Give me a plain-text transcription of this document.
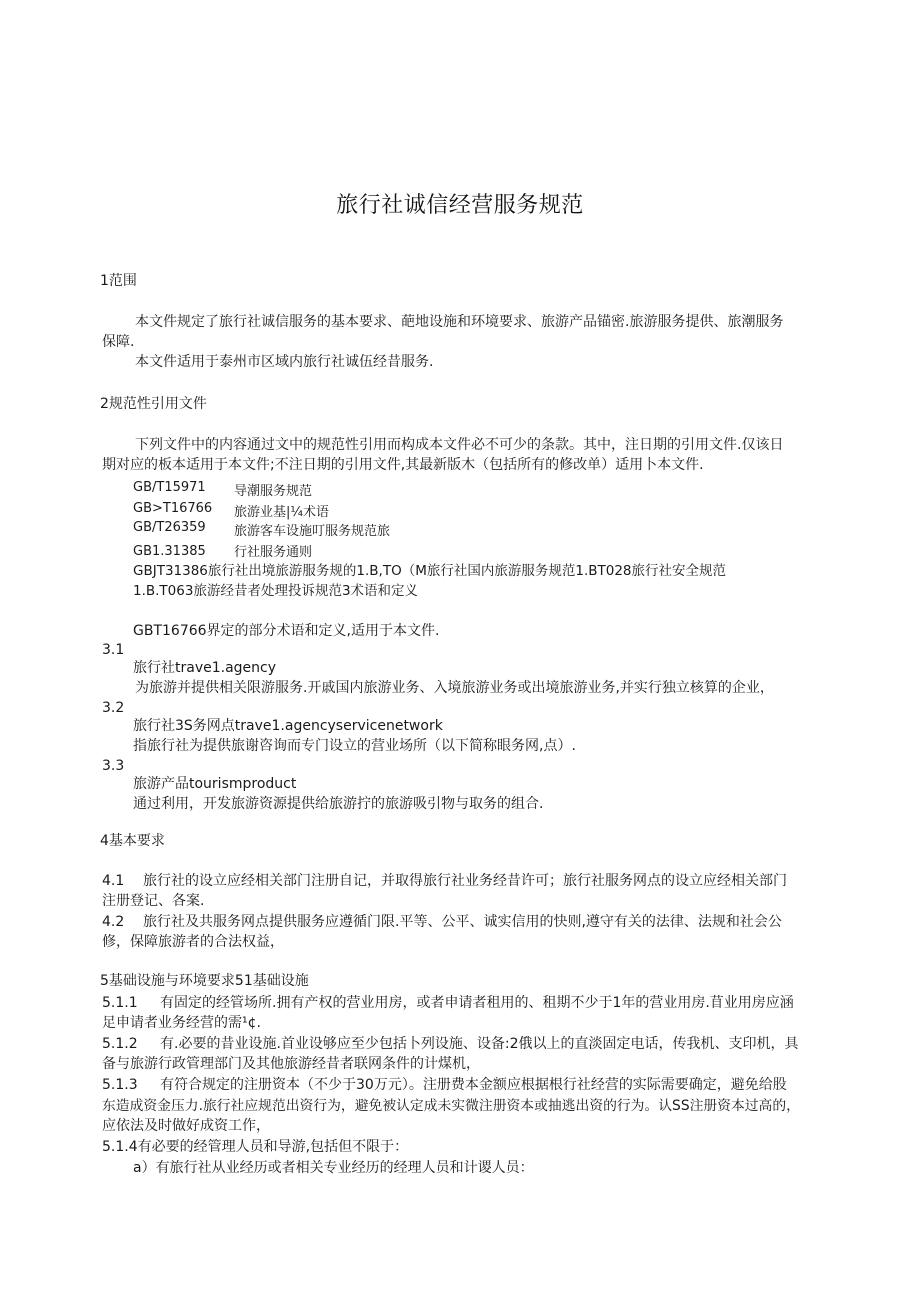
旅行社诚信经营服务规范
1范围
本文件规定了旅行社诚信服务的基本要求、葩地设施和环境要求、旅游产品锚密.旅游服务提供、旅潮服务
保障.
本文件适用于泰州市区域内旅行社诚伍经昔服务.
2规范性引用文件
下列文件中的内容通过文中的规范性引用而构成本文件必不可少的条款。其中，注日期的引用文件.仅该日
期对应的板本适用于本文件;不注日期的引用文件,其最新版木（包括所有的修改单）适用卜本文件.
GB/T15971 导潮服务规范
GB>T16766 旅游业基|¼术语
GB/T26359 旅游客车设施叮服务规范旅
GB1.31385 行社服务通则
GBJT31386旅行社出境旅游服务规的1.B,TO（M旅行社国内旅游服务规范1.BT028旅行社安全规范
1.B.T063旅游经昔者处理投诉规范3术语和定义
GBT16766界定的部分术语和定义,适用于本文件.
3.1
旅行社trave1.agency
为旅游并提供相关限游服务.开戚国内旅游业务、入境旅游业务或出境旅游业务,并实行独立核算的企业，
3.2
旅行社3S务网点trave1.agencyservicenetwork
指旅行社为提供旅谢咨询而专门设立的营业场所（以下简称眼务网,点）.
3.3
旅游产品tourismproduct
通过利用，开发旅游资源提供给旅游拧的旅游吸引物与取务的组合.
4基本要求
4.1 旅行社的设立应经相关部门注册自记，并取得旅行社业务经昔许可；旅行社服务网点的设立应经相关部门
注册登记、各案.
4.2 旅行社及共服务网点提供服务应遵循门限.平等、公平、诚实信用的快则,遵守有关的法律、法规和社会公
修，保障旅游者的合法权益，
5基础设施与环境要求51基础设施
5.1.1 有固定的经管场所.拥有产权的营业用房，或者申请者租用的、租期不少于1年的营业用房.苜业用房应涵
足申请者业务经营的需¹¢.
5.1.2 有.必要的昔业设施.首业设够应至少包括卜列设施、设备:2俄以上的直淡固定电话，传我机、支印机，具
备与旅游行政管理部门及其他旅游经昔者联网条件的计煤机，
5.1.3 有符合规定的注册资本（不少于30万元）。注册费本金额应根据根行社经营的实际需要确定，避免给股
东造成资金压力.旅行社应规范出资行为，避免被认定成未实微注册资本或抽逃出资的行为。认SS注册资本过高的，
应依法及时做好成资工作，
5.1.4有必要的经管理人员和导游,包括但不限于：
a）有旅行社从业经历或者相关专业经历的经理人员和计谡人员：
